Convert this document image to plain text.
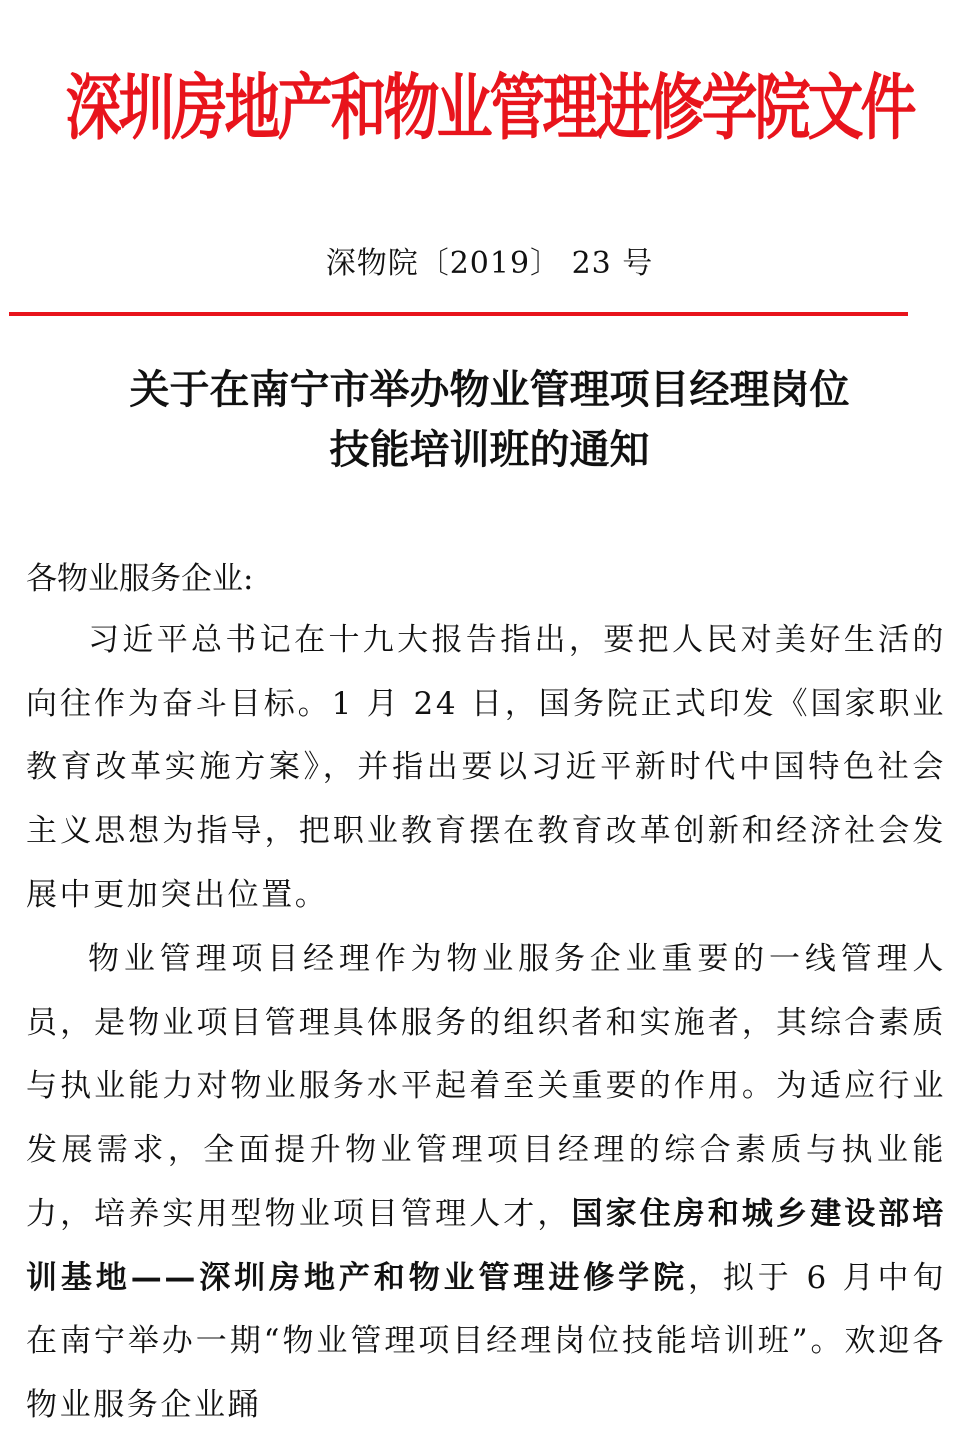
深圳房地产和物业管理进修学院文件
深物院〔2019〕 23 号
关于在南宁市举办物业管理项目经理岗位
技能培训班的通知
各物业服务企业:

习近平总书记在十九大报告指出，要把人民对美好生活的向往作为奋斗目标。1 月 24 日，国务院正式印发《国家职业教育改革实施方案》，并指出要以习近平新时代中国特色社会主义思想为指导，把职业教育摆在教育改革创新和经济社会发展中更加突出位置。

物业管理项目经理作为物业服务企业重要的一线管理人员，是物业项目管理具体服务的组织者和实施者，其综合素质与执业能力对物业服务水平起着至关重要的作用。为适应行业发展需求，全面提升物业管理项目经理的综合素质与执业能力，培养实用型物业项目管理人才，国家住房和城乡建设部培训基地——深圳房地产和物业管理进修学院，拟于 6 月中旬在南宁举办一期“物业管理项目经理岗位技能培训班”。欢迎各物业服务企业踊
